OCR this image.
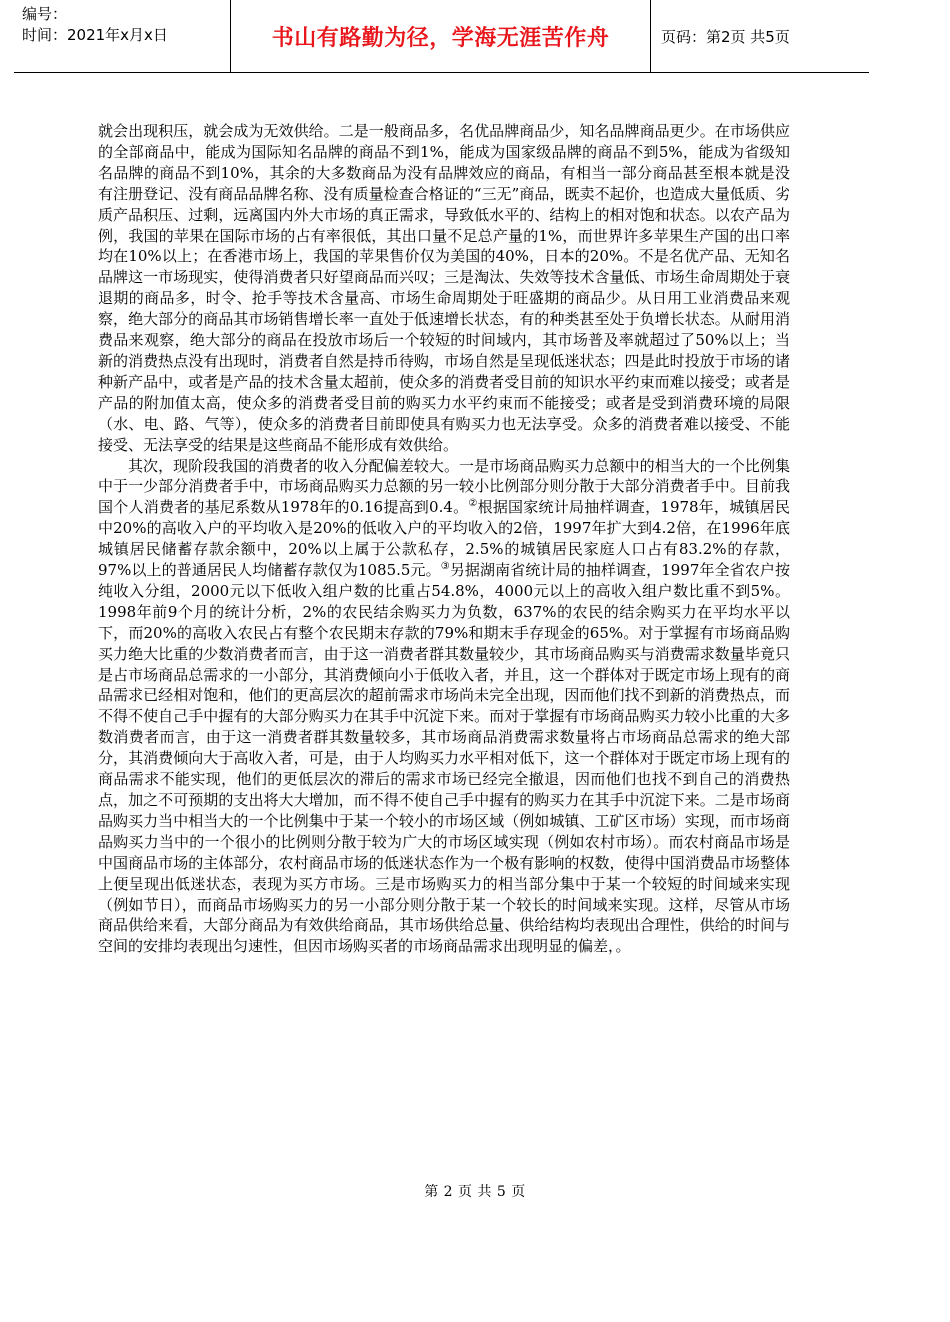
编号：
时间：2021年x月x日	书山有路勤为径，学海无涯苦作舟	页码：第2页 共5页

就会出现积压，就会成为无效供给。二是一般商品多，名优品牌商品少，知名品牌商品更少。在市场供应的全部商品中，能成为国际知名品牌的商品不到1%，能成为国家级品牌的商品不到5%，能成为省级知名品牌的商品不到10%，其余的大多数商品为没有品牌效应的商品，有相当一部分商品甚至根本就是没有注册登记、没有商品品牌名称、没有质量检查合格证的“三无”商品，既卖不起价，也造成大量低质、劣质产品积压、过剩，远离国内外大市场的真正需求，导致低水平的、结构上的相对饱和状态。以农产品为例，我国的苹果在国际市场的占有率很低，其出口量不足总产量的1%，而世界许多苹果生产国的出口率均在10%以上；在香港市场上，我国的苹果售价仅为美国的40%，日本的20%。不是名优产品、无知名品牌这一市场现实，使得消费者只好望商品而兴叹；三是淘汰、失效等技术含量低、市场生命周期处于衰退期的商品多，时令、抢手等技术含量高、市场生命周期处于旺盛期的商品少。从日用工业消费品来观察，绝大部分的商品其市场销售增长率一直处于低速增长状态，有的种类甚至处于负增长状态。从耐用消费品来观察，绝大部分的商品在投放市场后一个较短的时间域内，其市场普及率就超过了50%以上；当新的消费热点没有出现时，消费者自然是持币待购，市场自然是呈现低迷状态；四是此时投放于市场的诸种新产品中，或者是产品的技术含量太超前，使众多的消费者受目前的知识水平约束而难以接受；或者是产品的附加值太高，使众多的消费者受目前的购买力水平约束而不能接受；或者是受到消费环境的局限（水、电、路、气等），使众多的消费者目前即使具有购买力也无法享受。众多的消费者难以接受、不能接受、无法享受的结果是这些商品不能形成有效供给。

其次，现阶段我国的消费者的收入分配偏差较大。一是市场商品购买力总额中的相当大的一个比例集中于一少部分消费者手中，市场商品购买力总额的另一较小比例部分则分散于大部分消费者手中。目前我国个人消费者的基尼系数从1978年的0.16提高到0.4。②根据国家统计局抽样调查，1978年，城镇居民中20%的高收入户的平均收入是20%的低收入户的平均收入的2倍，1997年扩大到4.2倍，在1996年底城镇居民储蓄存款余额中，20%以上属于公款私存，2.5%的城镇居民家庭人口占有83.2%的存款，97%以上的普通居民人均储蓄存款仅为1085.5元。③另据湖南省统计局的抽样调查，1997年全省农户按纯收入分组，2000元以下低收入组户数的比重占54.8%，4000元以上的高收入组户数比重不到5%。1998年前9个月的统计分析，2%的农民结余购买力为负数，637%的农民的结余购买力在平均水平以下，而20%的高收入农民占有整个农民期末存款的79%和期末手存现金的65%。对于掌握有市场商品购买力绝大比重的少数消费者而言，由于这一消费者群其数量较少，其市场商品购买与消费需求数量毕竟只是占市场商品总需求的一小部分，其消费倾向小于低收入者，并且，这一个群体对于既定市场上现有的商品需求已经相对饱和，他们的更高层次的超前需求市场尚未完全出现，因而他们找不到新的消费热点，而不得不使自己手中握有的大部分购买力在其手中沉淀下来。而对于掌握有市场商品购买力较小比重的大多数消费者而言，由于这一消费者群其数量较多，其市场商品消费需求数量将占市场商品总需求的绝大部分，其消费倾向大于高收入者，可是，由于人均购买力水平相对低下，这一个群体对于既定市场上现有的商品需求不能实现，他们的更低层次的滞后的需求市场已经完全撤退，因而他们也找不到自己的消费热点，加之不可预期的支出将大大增加，而不得不使自己手中握有的购买力在其手中沉淀下来。二是市场商品购买力当中相当大的一个比例集中于某一个较小的市场区域（例如城镇、工矿区市场）实现，而市场商品购买力当中的一个很小的比例则分散于较为广大的市场区域实现（例如农村市场）。而农村商品市场是中国商品市场的主体部分，农村商品市场的低迷状态作为一个极有影响的权数，使得中国消费品市场整体上便呈现出低迷状态，表现为买方市场。三是市场购买力的相当部分集中于某一个较短的时间域来实现（例如节日），而商品市场购买力的另一小部分则分散于某一个较长的时间域来实现。这样，尽管从市场商品供给来看，大部分商品为有效供给商品，其市场供给总量、供给结构均表现出合理性，供给的时间与空间的安排均表现出匀速性，但因市场购买者的市场商品需求出现明显的偏差，。

第 2 页 共 5 页
